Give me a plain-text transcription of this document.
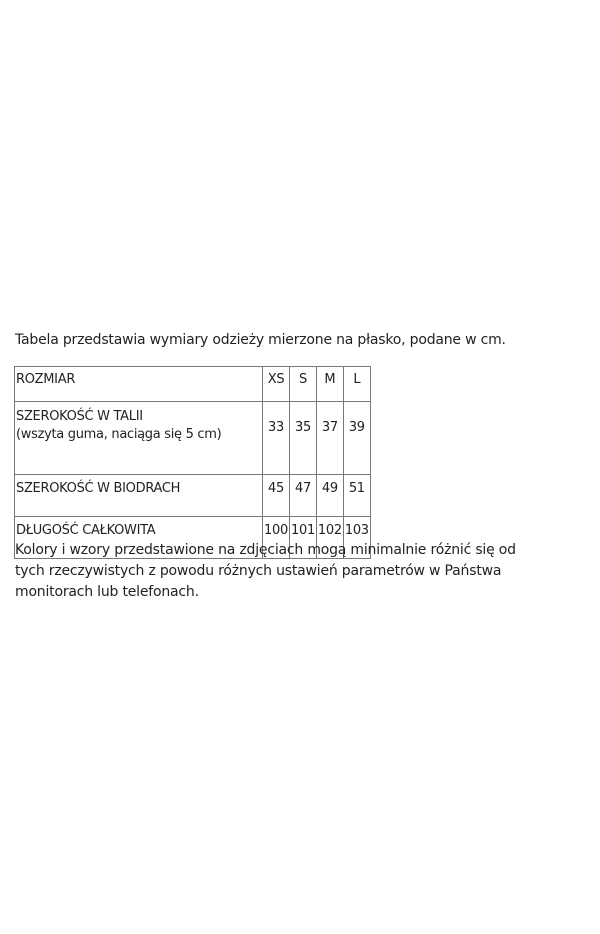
Tabela przedstawia wymiary odzieży mierzone na płasko, podane w cm.
ROZMIAR	XS	S	M	L

SZEROKOŚĆ W TALII
(wszyta guma, naciąga się 5 cm)	33	35	37	39
SZEROKOŚĆ W BIODRACH	45	47	49	51
DŁUGOŚĆ CAŁKOWITA	100	101	102	103
Kolory i wzory przedstawione na zdjęciach mogą minimalnie różnić się od
tych rzeczywistych z powodu różnych ustawień parametrów w Państwa
monitorach lub telefonach.
